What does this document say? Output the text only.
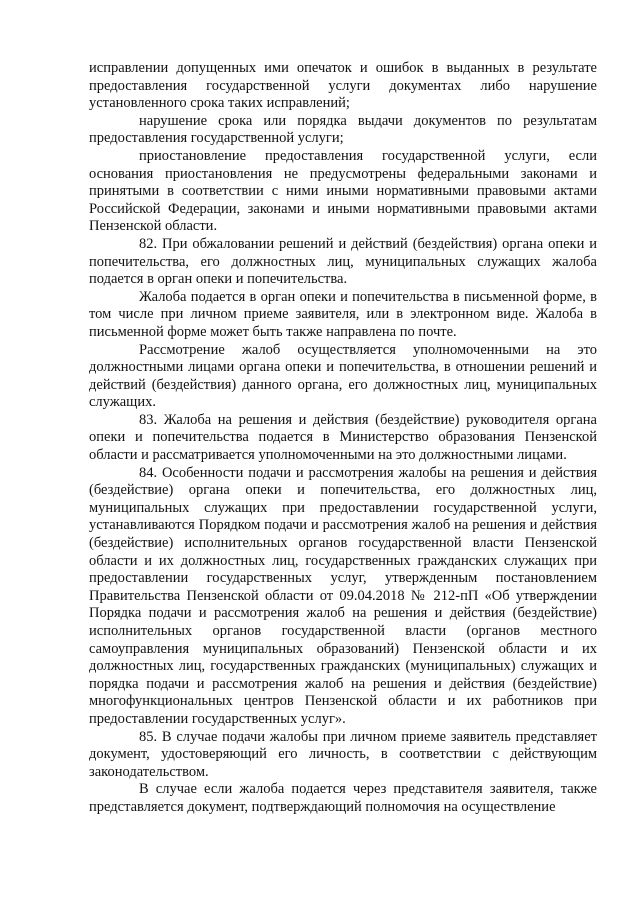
исправлении допущенных ими опечаток и ошибок в выданных в результате предоставления государственной услуги документах либо нарушение установленного срока таких исправлений;

нарушение срока или порядка выдачи документов по результатам предоставления государственной услуги;

приостановление предоставления государственной услуги, если основания приостановления не предусмотрены федеральными законами и принятыми в соответствии с ними иными нормативными правовыми актами Российской Федерации, законами и иными нормативными правовыми актами Пензенской области.

82. При обжаловании решений и действий (бездействия) органа опеки и попечительства, его должностных лиц, муниципальных служащих жалоба подается в орган опеки и попечительства.

Жалоба подается в орган опеки и попечительства в письменной форме, в том числе при личном приеме заявителя, или в электронном виде. Жалоба в письменной форме может быть также направлена по почте.

Рассмотрение жалоб осуществляется уполномоченными на это должностными лицами органа опеки и попечительства, в отношении решений и действий (бездействия) данного органа, его должностных лиц, муниципальных служащих.

83. Жалоба на решения и действия (бездействие) руководителя органа опеки и попечительства подается в Министерство образования Пензенской области и рассматривается уполномоченными на это должностными лицами.

84. Особенности подачи и рассмотрения жалобы на решения и действия (бездействие) органа опеки и попечительства, его должностных лиц, муниципальных служащих при предоставлении государственной услуги, устанавливаются Порядком подачи и рассмотрения жалоб на решения и действия (бездействие) исполнительных органов государственной власти Пензенской области и их должностных лиц, государственных гражданских служащих при предоставлении государственных услуг, утвержденным постановлением Правительства Пензенской области от 09.04.2018 № 212-пП «Об утверждении Порядка подачи и рассмотрения жалоб на решения и действия (бездействие) исполнительных органов государственной власти (органов местного самоуправления муниципальных образований) Пензенской области и их должностных лиц, государственных гражданских (муниципальных) служащих и порядка подачи и рассмотрения жалоб на решения и действия (бездействие) многофункциональных центров Пензенской области и их работников при предоставлении государственных услуг».

85. В случае подачи жалобы при личном приеме заявитель представляет документ, удостоверяющий его личность, в соответствии с действующим законодательством.

В случае если жалоба подается через представителя заявителя, также представляется документ, подтверждающий полномочия на осуществление
